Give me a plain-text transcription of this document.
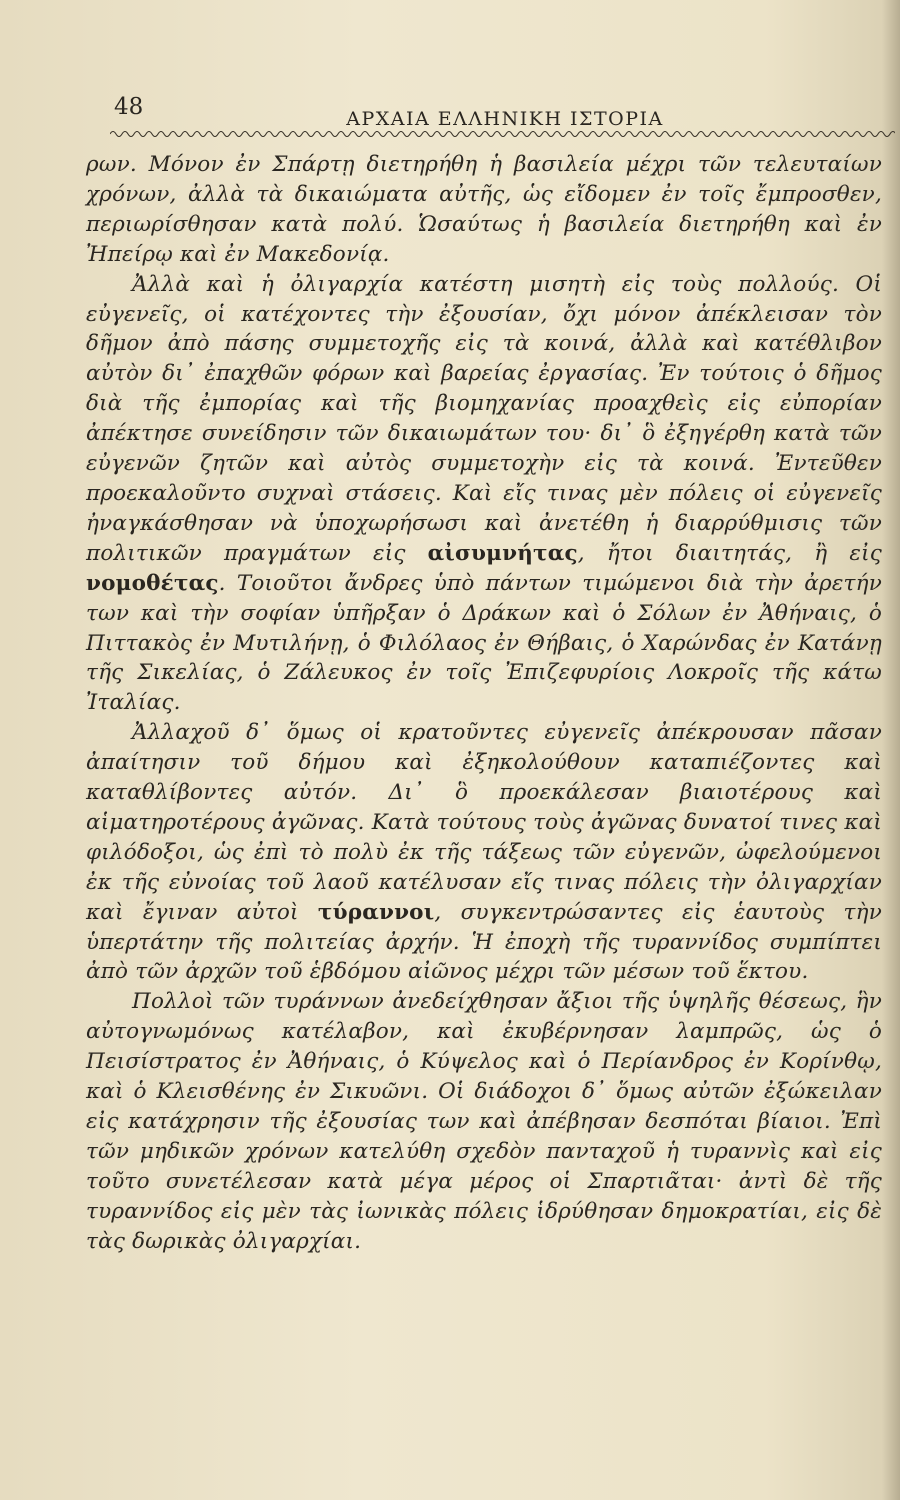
48	ΑΡΧΑΙΑ ΕΛΛΗΝΙΚΗ ΙΣΤΟΡΙΑ

ρων. Μόνον ἐν Σπάρτῃ διετηρήθη ἡ βασιλεία μέχρι τῶν τελευταίων χρόνων, ἀλλὰ τὰ δικαιώματα αὐτῆς, ὡς εἴδομεν ἐν τοῖς ἔμπροσθεν, περιωρίσθησαν κατὰ πολύ. Ὡσαύτως ἡ βασιλεία διετηρήθη καὶ ἐν Ἠπείρῳ καὶ ἐν Μακεδονίᾳ.

Ἀλλὰ καὶ ἡ ὀλιγαρχία κατέστη μισητὴ εἰς τοὺς πολλούς. Οἱ εὐγενεῖς, οἱ κατέχοντες τὴν ἐξουσίαν, ὄχι μόνον ἀπέκλεισαν τὸν δῆμον ἀπὸ πάσης συμμετοχῆς εἰς τὰ κοινά, ἀλλὰ καὶ κατέθλιβον αὐτὸν δι᾽ ἐπαχθῶν φόρων καὶ βαρείας ἐργασίας. Ἐν τούτοις ὁ δῆμος διὰ τῆς ἐμπορίας καὶ τῆς βιομηχανίας προαχθεὶς εἰς εὐπορίαν ἀπέκτησε συνείδησιν τῶν δικαιωμάτων του· δι᾽ ὃ ἐξηγέρθη κατὰ τῶν εὐγενῶν ζητῶν καὶ αὐτὸς συμμετοχὴν εἰς τὰ κοινά. Ἐντεῦθεν προεκαλοῦντο συχναὶ στάσεις. Καὶ εἴς τινας μὲν πόλεις οἱ εὐγενεῖς ἠναγκάσθησαν νὰ ὑποχωρήσωσι καὶ ἀνετέθη ἡ διαρρύθμισις τῶν πολιτικῶν πραγμάτων εἰς αἰσυμνήτας, ἤτοι διαιτητάς, ἢ εἰς νομοθέτας. Τοιοῦτοι ἄνδρες ὑπὸ πάντων τιμώμενοι διὰ τὴν ἀρετήν των καὶ τὴν σοφίαν ὑπῆρξαν ὁ Δράκων καὶ ὁ Σόλων ἐν Ἀθήναις, ὁ Πιττακὸς ἐν Μυτιλήνῃ, ὁ Φιλόλαος ἐν Θήβαις, ὁ Χαρώνδας ἐν Κατάνῃ τῆς Σικελίας, ὁ Ζάλευκος ἐν τοῖς Ἐπιζεφυρίοις Λοκροῖς τῆς κάτω Ἰταλίας.

Ἀλλαχοῦ δ᾽ ὅμως οἱ κρατοῦντες εὐγενεῖς ἀπέκρουσαν πᾶσαν ἀπαίτησιν τοῦ δήμου καὶ ἐξηκολούθουν καταπιέζοντες καὶ καταθλίβοντες αὐτόν. Δι᾽ ὃ προεκάλεσαν βιαιοτέρους καὶ αἱματηροτέρους ἀγῶνας. Κατὰ τούτους τοὺς ἀγῶνας δυνατοί τινες καὶ φιλόδοξοι, ὡς ἐπὶ τὸ πολὺ ἐκ τῆς τάξεως τῶν εὐγενῶν, ὠφελούμενοι ἐκ τῆς εὐνοίας τοῦ λαοῦ κατέλυσαν εἴς τινας πόλεις τὴν ὀλιγαρχίαν καὶ ἔγιναν αὐτοὶ τύραννοι, συγκεντρώσαντες εἰς ἑαυτοὺς τὴν ὑπερτάτην τῆς πολιτείας ἀρχήν. Ἡ ἐποχὴ τῆς τυραννίδος συμπίπτει ἀπὸ τῶν ἀρχῶν τοῦ ἑβδόμου αἰῶνος μέχρι τῶν μέσων τοῦ ἕκτου.

Πολλοὶ τῶν τυράννων ἀνεδείχθησαν ἄξιοι τῆς ὑψηλῆς θέσεως, ἣν αὐτογνωμόνως κατέλαβον, καὶ ἐκυβέρνησαν λαμπρῶς, ὡς ὁ Πεισίστρατος ἐν Ἀθήναις, ὁ Κύψελος καὶ ὁ Περίανδρος ἐν Κορίνθῳ, καὶ ὁ Κλεισθένης ἐν Σικυῶνι. Οἱ διάδοχοι δ᾽ ὅμως αὐτῶν ἐξώκειλαν εἰς κατάχρησιν τῆς ἐξουσίας των καὶ ἀπέβησαν δεσπόται βίαιοι. Ἐπὶ τῶν μηδικῶν χρόνων κατελύθη σχεδὸν πανταχοῦ ἡ τυραννὶς καὶ εἰς τοῦτο συνετέλεσαν κατὰ μέγα μέρος οἱ Σπαρτιᾶται· ἀντὶ δὲ τῆς τυραννίδος εἰς μὲν τὰς ἰωνικὰς πόλεις ἱδρύθησαν δημοκρατίαι, εἰς δὲ τὰς δωρικὰς ὀλιγαρχίαι.
